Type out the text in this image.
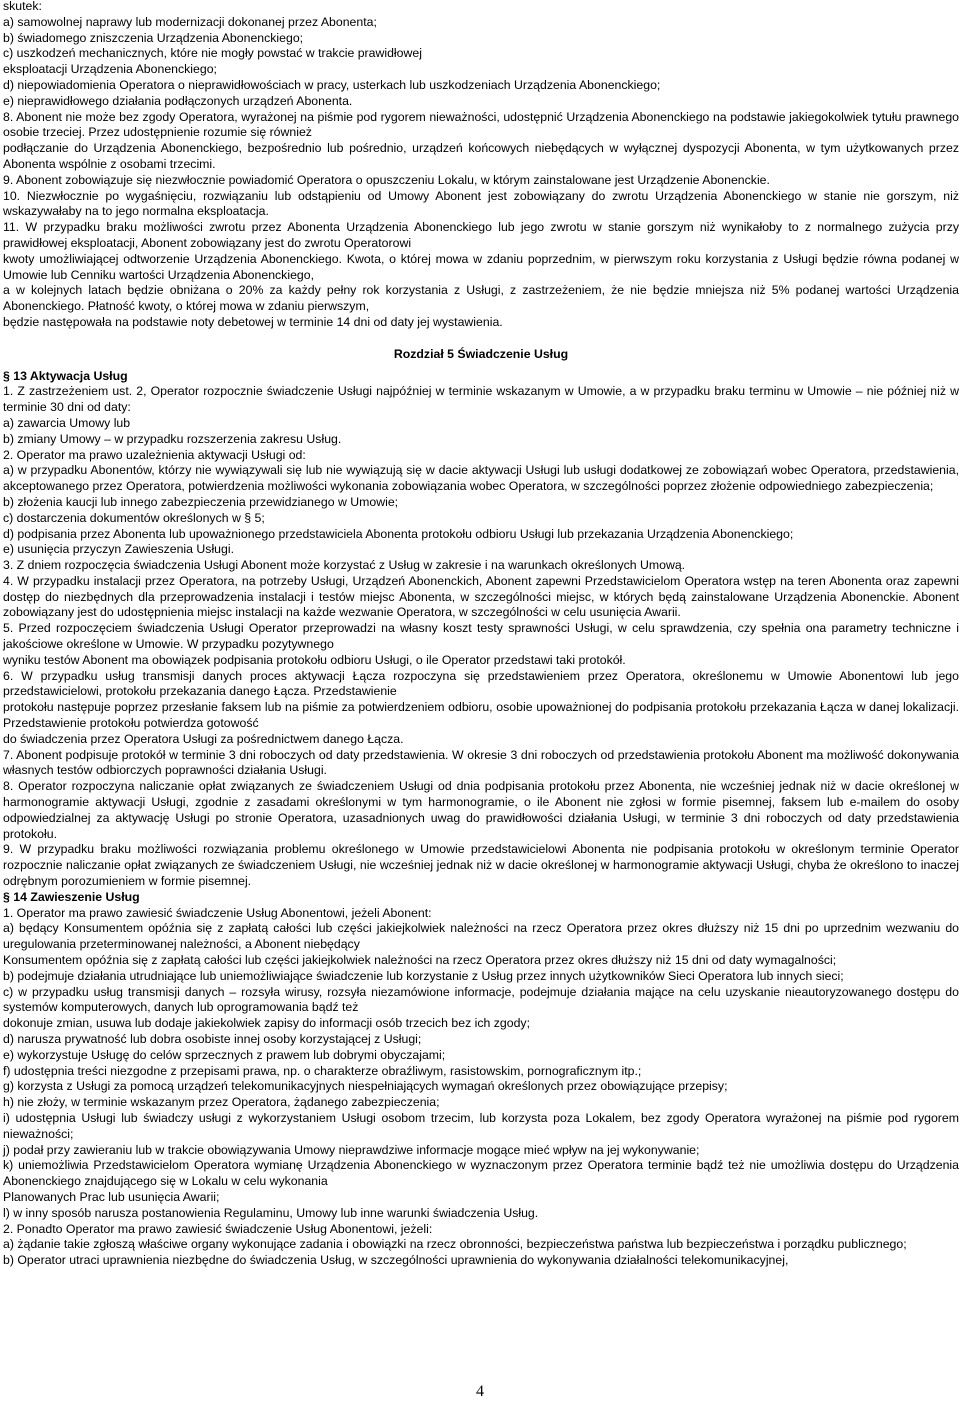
skutek:

a) samowolnej naprawy lub modernizacji dokonanej przez Abonenta;

b) świadomego zniszczenia Urządzenia Abonenckiego;

c) uszkodzeń mechanicznych, które nie mogły powstać w trakcie prawidłowej

eksploatacji Urządzenia Abonenckiego;

d) niepowiadomienia Operatora o nieprawidłowościach w pracy, usterkach lub uszkodzeniach Urządzenia Abonenckiego;

e) nieprawidłowego działania podłączonych urządzeń Abonenta.

8. Abonent nie może bez zgody Operatora, wyrażonej na piśmie pod rygorem nieważności, udostępnić Urządzenia Abonenckiego na podstawie jakiegokolwiek tytułu prawnego osobie trzeciej. Przez udostępnienie rozumie się również

podłączanie do Urządzenia Abonenckiego, bezpośrednio lub pośrednio, urządzeń końcowych niebędących w wyłącznej dyspozycji Abonenta, w tym użytkowanych przez Abonenta wspólnie z osobami trzecimi.

9. Abonent zobowiązuje się niezwłocznie powiadomić Operatora o opuszczeniu Lokalu, w którym zainstalowane jest Urządzenie Abonenckie.

10. Niezwłocznie po wygaśnięciu, rozwiązaniu lub odstąpieniu od Umowy Abonent jest zobowiązany do zwrotu Urządzenia Abonenckiego w stanie nie gorszym, niż wskazywałaby na to jego normalna eksploatacja.

11. W przypadku braku możliwości zwrotu przez Abonenta Urządzenia Abonenckiego lub jego zwrotu w stanie gorszym niż wynikałoby to z normalnego zużycia przy prawidłowej eksploatacji, Abonent zobowiązany jest do zwrotu Operatorowi

kwoty umożliwiającej odtworzenie Urządzenia Abonenckiego. Kwota, o której mowa w zdaniu poprzednim, w pierwszym roku korzystania z Usługi będzie równa podanej w Umowie lub Cenniku wartości Urządzenia Abonenckiego,

a w kolejnych latach będzie obniżana o 20% za każdy pełny rok korzystania z Usługi, z zastrzeżeniem, że nie będzie mniejsza niż 5% podanej wartości Urządzenia Abonenckiego. Płatność kwoty, o której mowa w zdaniu pierwszym,

będzie następowała na podstawie noty debetowej w terminie 14 dni od daty jej wystawienia.

Rozdział 5 Świadczenie Usług

§ 13 Aktywacja Usług

1. Z zastrzeżeniem ust. 2, Operator rozpocznie świadczenie Usługi najpóźniej w terminie wskazanym w Umowie, a w przypadku braku terminu w Umowie – nie później niż w terminie 30 dni od daty:

a) zawarcia Umowy lub

b) zmiany Umowy – w przypadku rozszerzenia zakresu Usług.

2. Operator ma prawo uzależnienia aktywacji Usługi od:

a) w przypadku Abonentów, którzy nie wywiązywali się lub nie wywiązują się w dacie aktywacji Usługi lub usługi dodatkowej ze zobowiązań wobec Operatora, przedstawienia, akceptowanego przez Operatora, potwierdzenia możliwości wykonania zobowiązania wobec Operatora, w szczególności poprzez złożenie odpowiedniego zabezpieczenia;

b) złożenia kaucji lub innego zabezpieczenia przewidzianego w Umowie;

c) dostarczenia dokumentów określonych w § 5;

d) podpisania przez Abonenta lub upoważnionego przedstawiciela Abonenta protokołu odbioru Usługi lub przekazania Urządzenia Abonenckiego;

e) usunięcia przyczyn Zawieszenia Usługi.

3. Z dniem rozpoczęcia świadczenia Usługi Abonent może korzystać z Usług w zakresie i na warunkach określonych Umową.

4. W przypadku instalacji przez Operatora, na potrzeby Usługi, Urządzeń Abonenckich, Abonent zapewni Przedstawicielom Operatora wstęp na teren Abonenta oraz zapewni dostęp do niezbędnych dla przeprowadzenia instalacji i testów miejsc Abonenta, w szczególności miejsc, w których będą zainstalowane Urządzenia Abonenckie. Abonent zobowiązany jest do udostępnienia miejsc instalacji na każde wezwanie Operatora, w szczególności w celu usunięcia Awarii.

5. Przed rozpoczęciem świadczenia Usługi Operator przeprowadzi na własny koszt testy sprawności Usługi, w celu sprawdzenia, czy spełnia ona parametry techniczne i jakościowe określone w Umowie. W przypadku pozytywnego

wyniku testów Abonent ma obowiązek podpisania protokołu odbioru Usługi, o ile Operator przedstawi taki protokół.

6. W przypadku usług transmisji danych proces aktywacji Łącza rozpoczyna się przedstawieniem przez Operatora, określonemu w Umowie Abonentowi lub jego przedstawicielowi, protokołu przekazania danego Łącza. Przedstawienie

protokołu następuje poprzez przesłanie faksem lub na piśmie za potwierdzeniem odbioru, osobie upoważnionej do podpisania protokołu przekazania Łącza w danej lokalizacji. Przedstawienie protokołu potwierdza gotowość

do świadczenia przez Operatora Usługi za pośrednictwem danego Łącza.

7. Abonent podpisuje protokół w terminie 3 dni roboczych od daty przedstawienia. W okresie 3 dni roboczych od przedstawienia protokołu Abonent ma możliwość dokonywania własnych testów odbiorczych poprawności działania Usługi.

8. Operator rozpoczyna naliczanie opłat związanych ze świadczeniem Usługi od dnia podpisania protokołu przez Abonenta, nie wcześniej jednak niż w dacie określonej w harmonogramie aktywacji Usługi, zgodnie z zasadami określonymi w tym harmonogramie, o ile Abonent nie zgłosi w formie pisemnej, faksem lub e-mailem do osoby odpowiedzialnej za aktywację Usługi po stronie Operatora, uzasadnionych uwag do prawidłowości działania Usługi, w terminie 3 dni roboczych od daty przedstawienia protokołu.

9. W przypadku braku możliwości rozwiązania problemu określonego w Umowie przedstawicielowi Abonenta nie podpisania protokołu w określonym terminie Operator rozpocznie naliczanie opłat związanych ze świadczeniem Usługi, nie wcześniej jednak niż w dacie określonej w harmonogramie aktywacji Usługi, chyba że określono to inaczej odrębnym porozumieniem w formie pisemnej.

§ 14 Zawieszenie Usług

1. Operator ma prawo zawiesić świadczenie Usług Abonentowi, jeżeli Abonent:

a) będący Konsumentem opóźnia się z zapłatą całości lub części jakiejkolwiek należności na rzecz Operatora przez okres dłuższy niż 15 dni po uprzednim wezwaniu do uregulowania przeterminowanej należności, a Abonent niebędący

Konsumentem opóźnia się z zapłatą całości lub części jakiejkolwiek należności na rzecz Operatora przez okres dłuższy niż 15 dni od daty wymagalności;

b) podejmuje działania utrudniające lub uniemożliwiające świadczenie lub korzystanie z Usług przez innych użytkowników Sieci Operatora lub innych sieci;

c) w przypadku usług transmisji danych – rozsyła wirusy, rozsyła niezamówione informacje, podejmuje działania mające na celu uzyskanie nieautoryzowanego dostępu do systemów komputerowych, danych lub oprogramowania bądź też

dokonuje zmian, usuwa lub dodaje jakiekolwiek zapisy do informacji osób trzecich bez ich zgody;

d) narusza prywatność lub dobra osobiste innej osoby korzystającej z Usługi;

e) wykorzystuje Usługę do celów sprzecznych z prawem lub dobrymi obyczajami;

f) udostępnia treści niezgodne z przepisami prawa, np. o charakterze obraźliwym, rasistowskim, pornograficznym itp.;

g) korzysta z Usługi za pomocą urządzeń telekomunikacyjnych niespełniających wymagań określonych przez obowiązujące przepisy;

h) nie złoży, w terminie wskazanym przez Operatora, żądanego zabezpieczenia;

i) udostępnia Usługi lub świadczy usługi z wykorzystaniem Usługi osobom trzecim, lub korzysta poza Lokalem, bez zgody Operatora wyrażonej na piśmie pod rygorem nieważności;

j) podał przy zawieraniu lub w trakcie obowiązywania Umowy nieprawdziwe informacje mogące mieć wpływ na jej wykonywanie;

k) uniemożliwia Przedstawicielom Operatora wymianę Urządzenia Abonenckiego w wyznaczonym przez Operatora terminie bądź też nie umożliwia dostępu do Urządzenia Abonenckiego znajdującego się w Lokalu w celu wykonania

Planowanych Prac lub usunięcia Awarii;

l) w inny sposób narusza postanowienia Regulaminu, Umowy lub inne warunki świadczenia Usług.

2. Ponadto Operator ma prawo zawiesić świadczenie Usług Abonentowi, jeżeli:

a) żądanie takie zgłoszą właściwe organy wykonujące zadania i obowiązki na rzecz obronności, bezpieczeństwa państwa lub bezpieczeństwa i porządku publicznego;

b) Operator utraci uprawnienia niezbędne do świadczenia Usług, w szczególności uprawnienia do wykonywania działalności telekomunikacyjnej,

4
